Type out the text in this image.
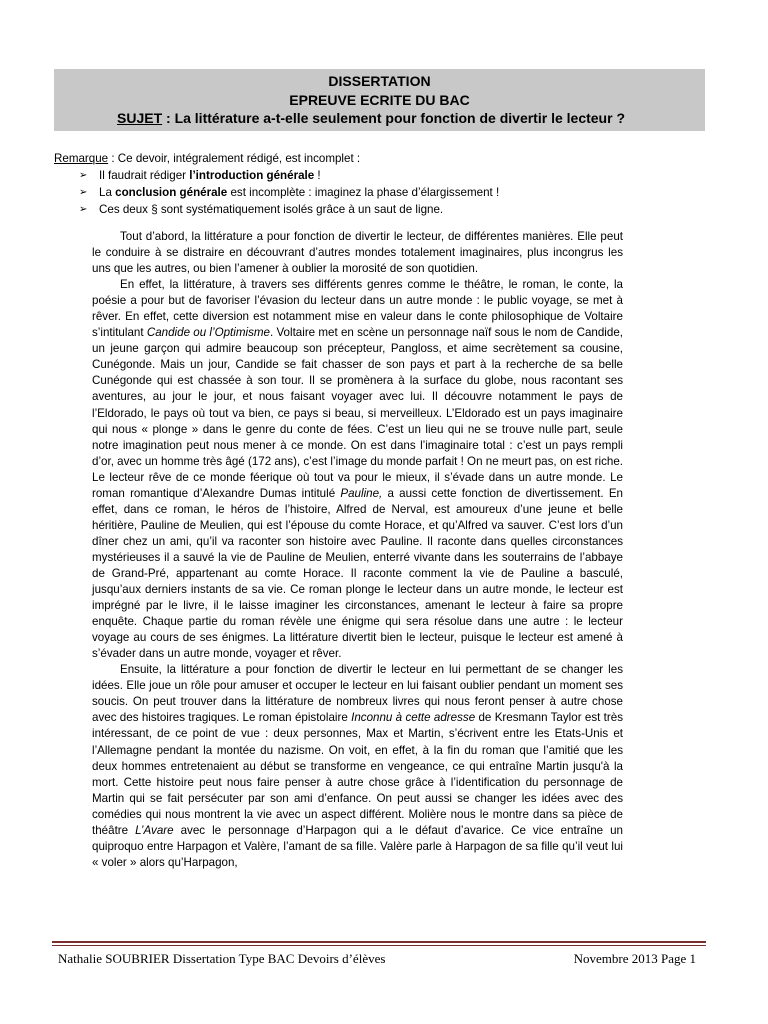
DISSERTATION
EPREUVE ECRITE DU BAC
SUJET : La littérature a-t-elle seulement pour fonction de divertir le lecteur ?
Remarque : Ce devoir, intégralement rédigé, est incomplet :
➢ Il faudrait rédiger l’introduction générale !
➢ La conclusion générale est incomplète : imaginez la phase d’élargissement !
➢ Ces deux § sont systématiquement isolés grâce à un saut de ligne.

Tout d’abord, la littérature a pour fonction de divertir le lecteur, de différentes manières. Elle peut le conduire à se distraire en découvrant d’autres mondes totalement imaginaires, plus incongrus les uns que les autres, ou bien l’amener à oublier la morosité de son quotidien.

En effet, la littérature, à travers ses différents genres comme le théâtre, le roman, le conte, la poésie a pour but de favoriser l’évasion du lecteur dans un autre monde : le public voyage, se met à rêver. En effet, cette diversion est notamment mise en valeur dans le conte philosophique de Voltaire s’intitulant Candide ou l’Optimisme. Voltaire met en scène un personnage naïf sous le nom de Candide, un jeune garçon qui admire beaucoup son précepteur, Pangloss, et aime secrètement sa cousine, Cunégonde. Mais un jour, Candide se fait chasser de son pays et part à la recherche de sa belle Cunégonde qui est chassée à son tour. Il se promènera à la surface du globe, nous racontant ses aventures, au jour le jour, et nous faisant voyager avec lui. Il découvre notamment le pays de l’Eldorado, le pays où tout va bien, ce pays si beau, si merveilleux. L’Eldorado est un pays imaginaire qui nous « plonge » dans le genre du conte de fées. C’est un lieu qui ne se trouve nulle part, seule notre imagination peut nous mener à ce monde. On est dans l’imaginaire total : c’est un pays rempli d’or, avec un homme très âgé (172 ans), c’est l’image du monde parfait ! On ne meurt pas, on est riche. Le lecteur rêve de ce monde féerique où tout va pour le mieux, il s’évade dans un autre monde. Le roman romantique d’Alexandre Dumas intitulé Pauline, a aussi cette fonction de divertissement. En effet, dans ce roman, le héros de l’histoire, Alfred de Nerval, est amoureux d’une jeune et belle héritière, Pauline de Meulien, qui est l’épouse du comte Horace, et qu’Alfred va sauver. C’est lors d’un dîner chez un ami, qu’il va raconter son histoire avec Pauline. Il raconte dans quelles circonstances mystérieuses il a sauvé la vie de Pauline de Meulien, enterré vivante dans les souterrains de l’abbaye de Grand-Pré, appartenant au comte Horace. Il raconte comment la vie de Pauline a basculé, jusqu’aux derniers instants de sa vie. Ce roman plonge le lecteur dans un autre monde, le lecteur est imprégné par le livre, il le laisse imaginer les circonstances, amenant le lecteur à faire sa propre enquête. Chaque partie du roman révèle une énigme qui sera résolue dans une autre : le lecteur voyage au cours de ses énigmes. La littérature divertit bien le lecteur, puisque le lecteur est amené à s’évader dans un autre monde, voyager et rêver.

Ensuite, la littérature a pour fonction de divertir le lecteur en lui permettant de se changer les idées. Elle joue un rôle pour amuser et occuper le lecteur en lui faisant oublier pendant un moment ses soucis. On peut trouver dans la littérature de nombreux livres qui nous feront penser à autre chose avec des histoires tragiques. Le roman épistolaire Inconnu à cette adresse de Kresmann Taylor est très intéressant, de ce point de vue : deux personnes, Max et Martin, s’écrivent entre les Etats-Unis et l’Allemagne pendant la montée du nazisme. On voit, en effet, à la fin du roman que l’amitié que les deux hommes entretenaient au début se transforme en vengeance, ce qui entraîne Martin jusqu'à la mort. Cette histoire peut nous faire penser à autre chose grâce à l’identification du personnage de Martin qui se fait persécuter par son ami d’enfance. On peut aussi se changer les idées avec des comédies qui nous montrent la vie avec un aspect différent. Molière nous le montre dans sa pièce de théâtre L’Avare avec le personnage d’Harpagon qui a le défaut d’avarice. Ce vice entraîne un quiproquo entre Harpagon et Valère, l’amant de sa fille. Valère parle à Harpagon de sa fille qu’il veut lui « voler » alors qu’Harpagon,

Nathalie SOUBRIER Dissertation Type BAC Devoirs d’élèves	Novembre 2013 Page 1
